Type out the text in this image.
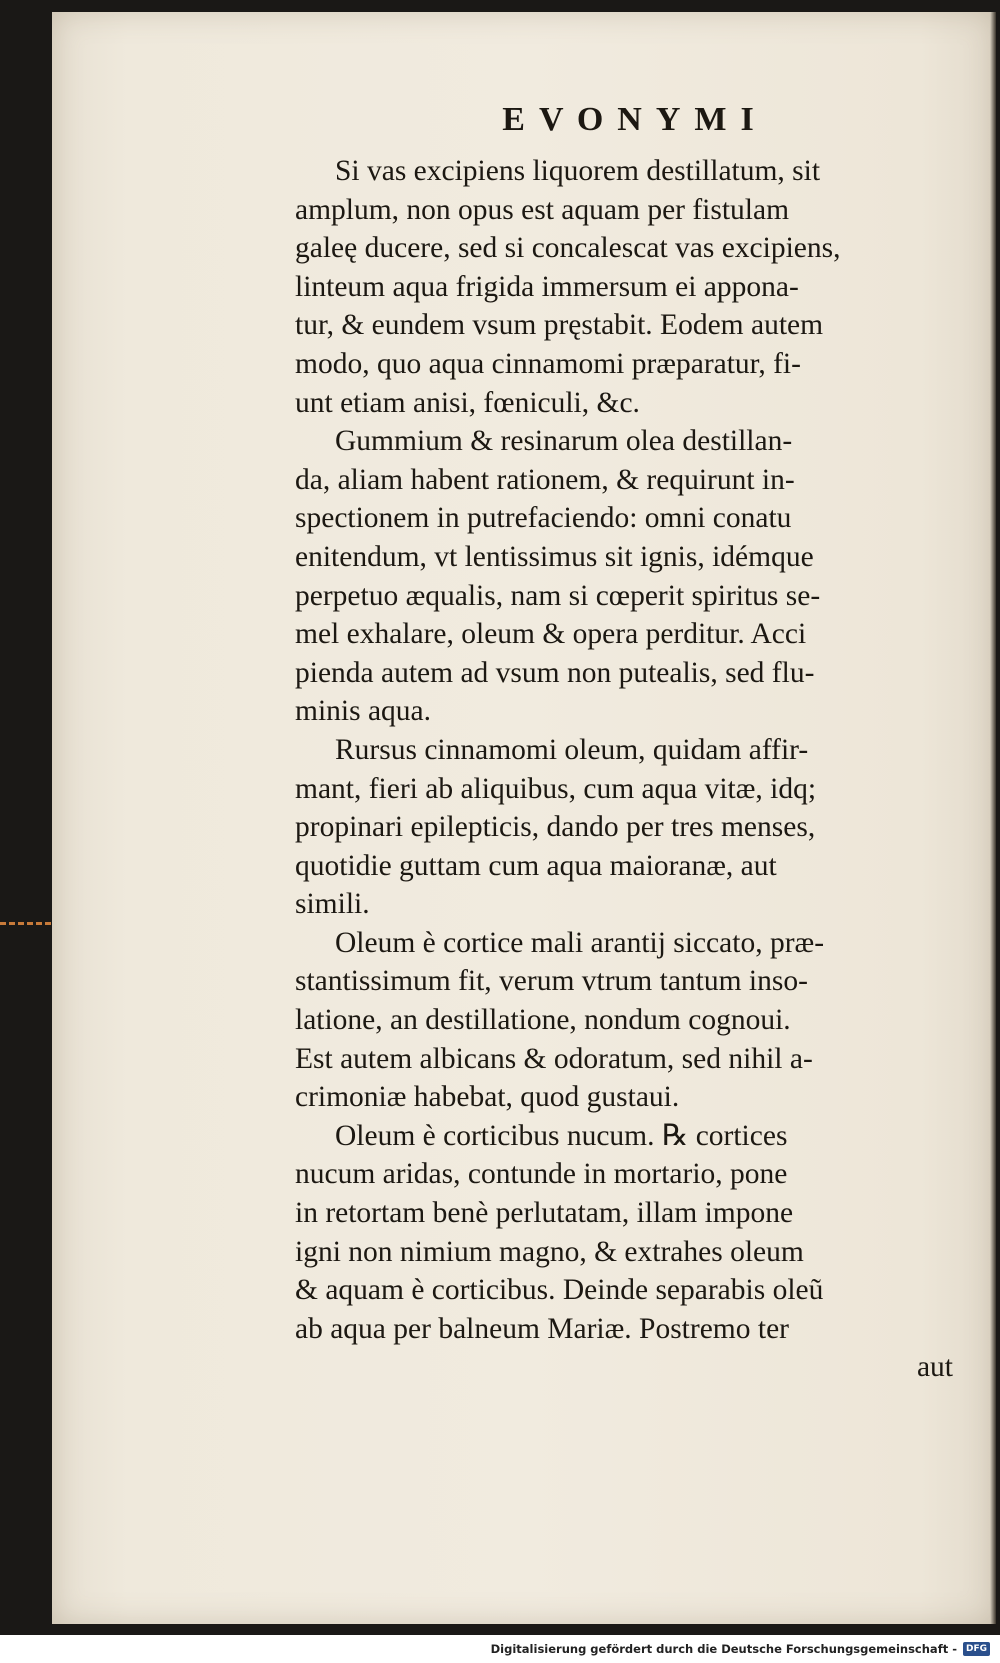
EVONYMI
Si vas excipiens liquorem destillatum, sit
amplum, non opus est aquam per fistulam
galeę ducere, sed si concalescat vas excipiens,
linteum aqua frigida immersum ei appona-
tur, & eundem vsum pręstabit. Eodem autem
modo, quo aqua cinnamomi præparatur, fi-
unt etiam anisi, fœniculi, &c.
Gummium & resinarum olea destillan-
da, aliam habent rationem, & requirunt in-
spectionem in putrefaciendo: omni conatu
enitendum, vt lentissimus sit ignis, idémque
perpetuo æqualis, nam si cœperit spiritus se-
mel exhalare, oleum & opera perditur. Acci
pienda autem ad vsum non putealis, sed flu-
minis aqua.
Rursus cinnamomi oleum, quidam affir-
mant, fieri ab aliquibus, cum aqua vitæ, idq;
propinari epilepticis, dando per tres menses,
quotidie guttam cum aqua maioranæ, aut
simili.
Oleum è cortice mali arantij siccato, præ-
stantissimum fit, verum vtrum tantum inso-
latione, an destillatione, nondum cognoui.
Est autem albicans & odoratum, sed nihil a-
crimoniæ habebat, quod gustaui.
Oleum è corticibus nucum. ℞ cortices
nucum aridas, contunde in mortario, pone
in retortam benè perlutatam, illam impone
igni non nimium magno, & extrahes oleum
& aquam è corticibus. Deinde separabis oleũ
ab aqua per balneum Mariæ. Postremo ter
aut
Digitalisierung gefördert durch die Deutsche Forschungsgemeinschaft -	DFG
